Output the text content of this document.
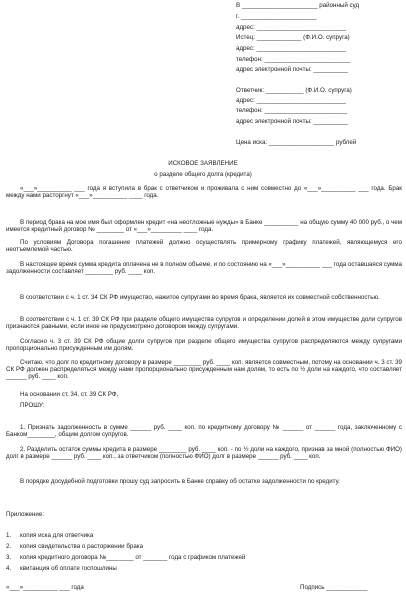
В ______________________ районный суд
г. ______________________
адрес: __________________________
Истец: _____________ (Ф.И.О. супруга)
адрес: __________________________
телефон: _________________________
адрес электронной почты: __________
Ответчик: ___________ (Ф.И.О. супруга)
адрес: __________________________
телефон: ________________________
адрес электронной почты: __________
Цена иска: ___________________ рублей
ИСКОВОЕ ЗАЯВЛЕНИЕ
о разделе общего долга (кредита)
«___»__________ ___ года я вступила в брак с ответчиком и проживала с ним совместно до «___»__________ ___ года. Брак между нами расторгнут «___»__________ ____ года.
В период брака на мое имя был оформлен кредит «на неотложные нужды» в Банке __________ на общую сумму 40 000 руб., о чем имеется кредитный договор № ________ от «___»_________ ____ года.
По условиям Договора погашение платежей должно осуществлять примерному графику платежей, являющемуся его неотъемлемой частью.
В настоящее время сумма кредита оплачена не в полном объеме, и по состоянию на «___»__________ ___ года оставшаяся сумма задолженности составляет ________ руб. ____ коп.
В соответствии с ч. 1 ст. 34 СК РФ имущество, нажитое супругами во время брака, является их совместной собственностью.
В соответствии с ч. 1 ст. 39 СК РФ при разделе общего имущества супругов и определении долей в этом имуществе доли супругов признаются равными, если иное не предусмотрено договором между супругами.
Согласно ч. 3 ст. 39 СК РФ общие долги супругов при разделе общего имущества супругов распределяются между супругами пропорционально присужденным им долям.
Считаю, что долг по кредитному договору в размере ________ руб. ____ коп. является совместным, потому на основании ч. 3 ст. 39 СК РФ должен распределяться между нами пропорционально присужденным нам долям, то есть по ½ доли на каждого, что составляет ______ руб. ____ коп.
На основании ст. 34, ст. 39 СК РФ,
ПРОШУ:
1. Признать задолженность в сумме ______ руб. ____ коп. по кредитному договору № ______ от ______ года, заключенному с Банком________, общим долгом супругов.
2. Разделить остаток суммы кредита в размере ________ руб. ____ коп. - по ½ доли на каждого, признав за мной (полностью ФИО) долг в размере ______ руб. ____ коп., за ответчиком (полностью ФИО) долг в размере ______ руб. ____ коп.
В порядке досудебной подготовки прошу суд запросить в Банке справку об остатке задолженности по кредиту.
Приложение:
1. копия иска для ответчика
2. копия свидетельства о расторжении брака
3. копия кредитного договора №________ от _______ года с графиком платежей
4. квитанция об оплате госпошлины
«___»__________ ___ года	Подпись ____________
